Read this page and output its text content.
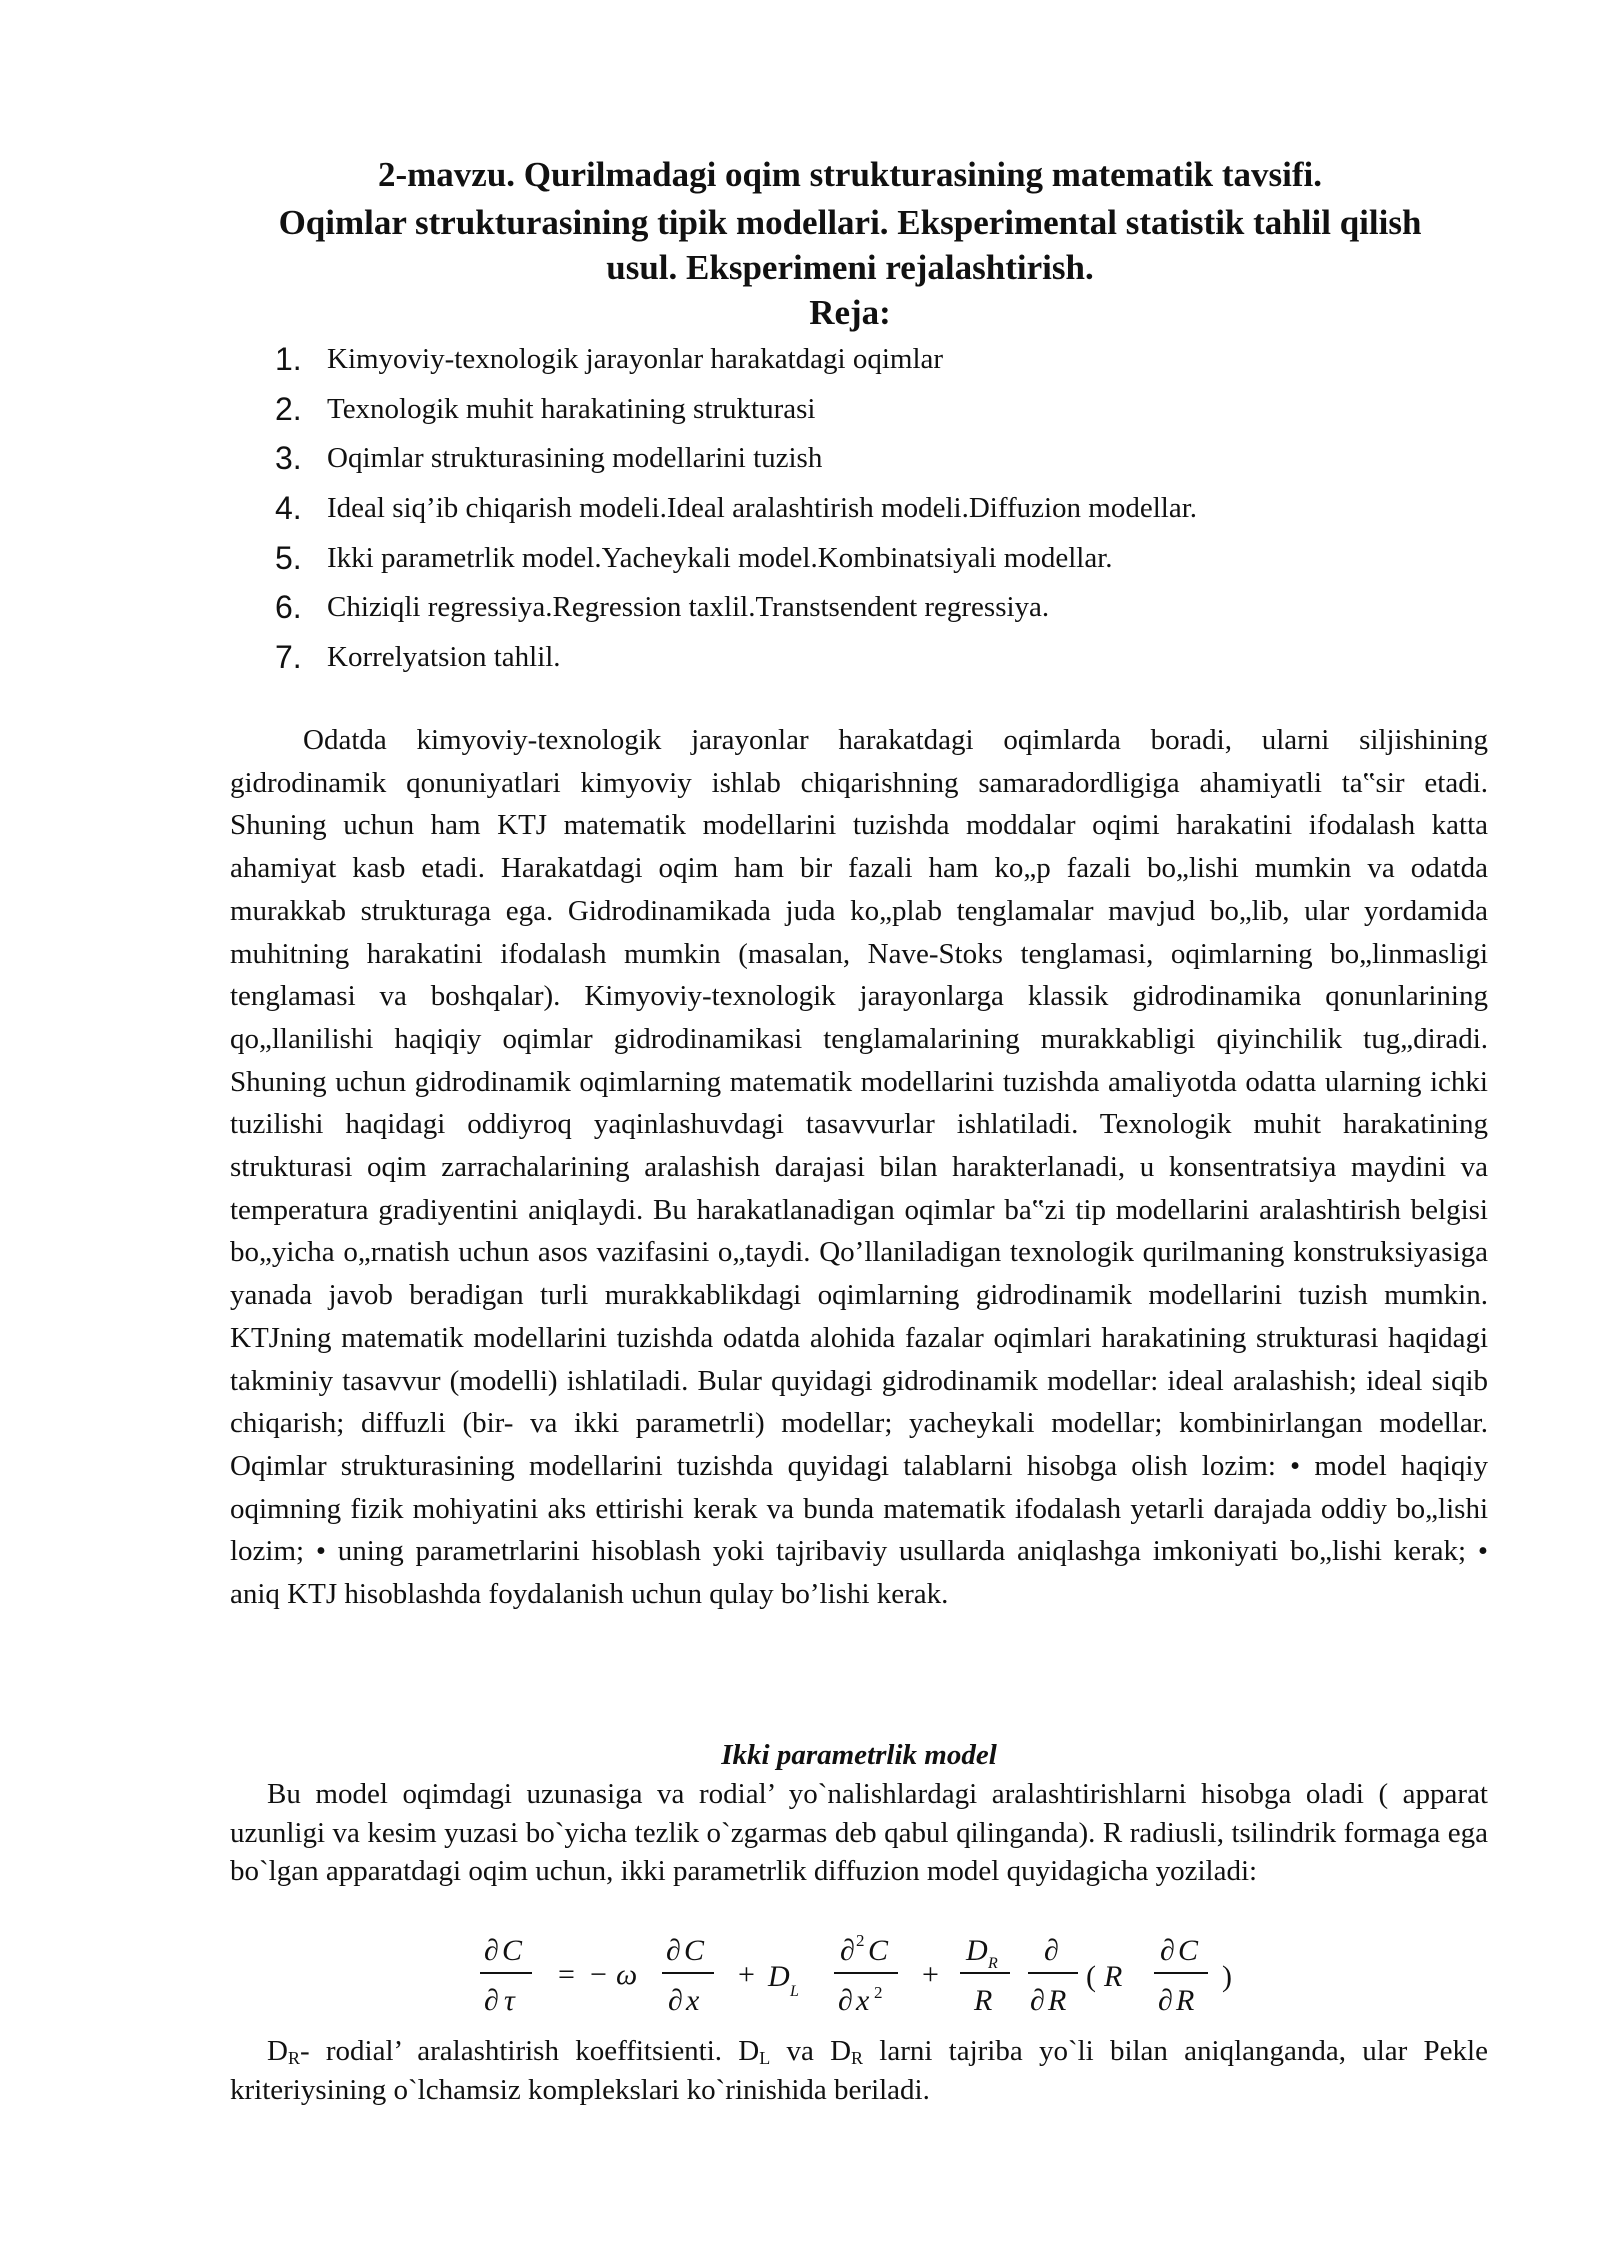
2-mavzu. Qurilmadagi oqim strukturasining matematik tavsifi.
Oqimlar strukturasining tipik modellari. Eksperimental statistik tahlil qilish
usul. Eksperimeni rejalashtirish.
Reja:
1. Kimyoviy-texnologik jarayonlar harakatdagi oqimlar
2. Texnologik muhit harakatining strukturasi
3. Oqimlar strukturasining modellarini tuzish
4. Ideal siq’ib chiqarish modeli.Ideal aralashtirish modeli.Diffuzion modellar.
5. Ikki parametrlik model.Yacheykali model.Kombinatsiyali modellar.
6. Chiziqli regressiya.Regression taxlil.Transtsendent regressiya.
7. Korrelyatsion tahlil.

Odatda kimyoviy-texnologik jarayonlar harakatdagi oqimlarda boradi, ularni siljishining gidrodinamik qonuniyatlari kimyoviy ishlab chiqarishning samaradordligiga ahamiyatli ta‟sir etadi. Shuning uchun ham KTJ matematik modellarini tuzishda moddalar oqimi harakatini ifodalash katta ahamiyat kasb etadi. Harakatdagi oqim ham bir fazali ham ko„p fazali bo„lishi mumkin va odatda murakkab strukturaga ega. Gidrodinamikada juda ko„plab tenglamalar mavjud bo„lib, ular yordamida muhitning harakatini ifodalash mumkin (masalan, Nave-Stoks tenglamasi, oqimlarning bo„linmasligi tenglamasi va boshqalar). Kimyoviy-texnologik jarayonlarga klassik gidrodinamika qonunlarining qo„llanilishi haqiqiy oqimlar gidrodinamikasi tenglamalarining murakkabligi qiyinchilik tug„diradi. Shuning uchun gidrodinamik oqimlarning matematik modellarini tuzishda amaliyotda odatta ularning ichki tuzilishi haqidagi oddiyroq yaqinlashuvdagi tasavvurlar ishlatiladi. Texnologik muhit harakatining strukturasi oqim zarrachalarining aralashish darajasi bilan harakterlanadi, u konsentratsiya maydini va temperatura gradiyentini aniqlaydi. Bu harakatlanadigan oqimlar ba‟zi tip modellarini aralashtirish belgisi bo„yicha o„rnatish uchun asos vazifasini o„taydi. Qo’llaniladigan texnologik qurilmaning konstruksiyasiga yanada javob beradigan turli murakkablikdagi oqimlarning gidrodinamik modellarini tuzish mumkin. KTJning matematik modellarini tuzishda odatda alohida fazalar oqimlari harakatining strukturasi haqidagi takminiy tasavvur (modelli) ishlatiladi. Bular quyidagi gidrodinamik modellar: ideal aralashish; ideal siqib chiqarish; diffuzli (bir- va ikki parametrli) modellar; yacheykali modellar; kombinirlangan modellar. Oqimlar strukturasining modellarini tuzishda quyidagi talablarni hisobga olish lozim: • model haqiqiy oqimning fizik mohiyatini aks ettirishi kerak va bunda matematik ifodalash yetarli darajada oddiy bo„lishi lozim; • uning parametrlarini hisoblash yoki tajribaviy usullarda aniqlashga imkoniyati bo„lishi kerak; • aniq KTJ hisoblashda foydalanish uchun qulay bo’lishi kerak.

Ikki parametrlik model

Bu model oqimdagi uzunasiga va rodial’ yo`nalishlardagi aralashtirishlarni hisobga oladi ( apparat uzunligi va kesim yuzasi bo`yicha tezlik o`zgarmas deb qabul qilinganda). R radiusli, tsilindrik formaga ega bo`lgan apparatdagi oqim uchun, ikki parametrlik diffuzion model quyidagicha yoziladi:

∂ C
∂ τ
= − ω
∂ C
∂ x
+ D L
∂ 2 C
∂ x 2
+
D R
R
∂
∂ R
( R
∂ C
∂ R
)

$D_R-$ rodial’ aralashtirish koeffitsienti. $D_L$ va $D_R$ larni tajriba yo`li bilan aniqlanganda, ular Pekle kriteriysining o`lchamsiz komplekslari ko`rinishida beriladi.
